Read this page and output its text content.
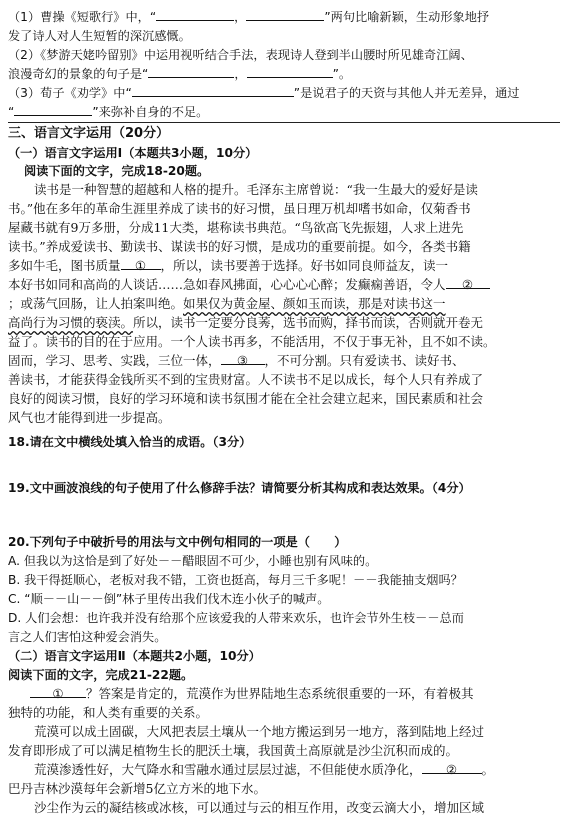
（1）曹操《短歌行》中，“	，	”两句比喻新颖，生动形象地抒
发了诗人对人生短暂的深沉感慨。
（2）《梦游天姥吟留别》中运用视听结合手法，表现诗人登到半山腰时所见雄奇江阔、
浪漫奇幻的景象的句子是“	，	”。
（3）荀子《劝学》中“	”是说君子的天资与其他人并无差异，通过
“	”来弥补自身的不足。
三、语言文字运用（20分）
（一）语言文字运用Ⅰ（本题共3小题，10分）
阅读下面的文字，完成18-20题。
读书是一种智慧的超越和人格的提升。毛泽东主席曾说：“我一生最大的爱好是读
书。”他在多年的革命生涯里养成了读书的好习惯，虽日理万机却嗜书如命，仅菊香书
屋藏书就有9万多册，分成11大类，堪称读书典范。“鸟欲高飞先振翅，人求上进先
读书。”养成爱读书、勤读书、谋读书的好习惯，是成功的重要前提。如今，各类书籍
多如牛毛，图书质量 ① ，所以，读书要善于选择。好书如同良师益友，读一
本好书如同和高尚的人谈话……急如春风拂面，心心心心醉；发癫痫善语，令人 ②
；或荡气回肠，让人拍案叫绝。如果仅为黄金屋、颜如玉而读，那是对读书这一
高尚行为习惯的亵渎。所以，读书一定要分良莠，选书而购，择书而读，否则就开卷无
益了。读书的目的在于应用。一个人读书再多，不能活用，不仅于事无补，且不如不读。
固而，学习、思考、实践，三位一体， ③ ，不可分割。只有爱读书、读好书、
善读书，才能获得金钱所买不到的宝贵财富。人不读书不足以成长，每个人只有养成了
良好的阅读习惯，良好的学习环境和读书氛围才能在全社会建立起来，国民素质和社会
风气也才能得到进一步提高。
18.请在文中横线处填入恰当的成语。（3分）
19.文中画波浪线的句子使用了什么修辞手法？请简要分析其构成和表达效果。（4分）
20.下列句子中破折号的用法与文中例句相同的一项是（　　）
A. 但我以为这恰是到了好处－－醋眼固不可少，小睡也别有风味的。
B. 我干得挺顺心，老板对我不错，工资也挺高，每月三千多呢！－－我能抽支烟吗？
C. “顺－－山－－倒”林子里传出我们伐木连小伙子的喊声。
D. 人们会想：也许我并没有给那个应该爱我的人带来欢乐，也许会节外生枝－－总而
言之人们害怕这种爱会消失。
（二）语言文字运用Ⅱ（本题共2小题，10分）
阅读下面的文字，完成21-22题。
① ？答案是肯定的，荒漠作为世界陆地生态系统很重要的一环，有着极其
独特的功能，和人类有重要的关系。
荒漠可以成土固碳，大风把表层土壤从一个地方搬运到另一地方，落到陆地上经过
发育即形成了可以满足植物生长的肥沃土壤，我国黄土高原就是沙尘沉积而成的。
荒漠渗透性好，大气降水和雪融水通过层层过滤，不但能使水质净化， ② 。
巴丹吉林沙漠每年会新增5亿立方米的地下水。
沙尘作为云的凝结核或冰核，可以通过与云的相互作用，改变云滴大小，增加区域
